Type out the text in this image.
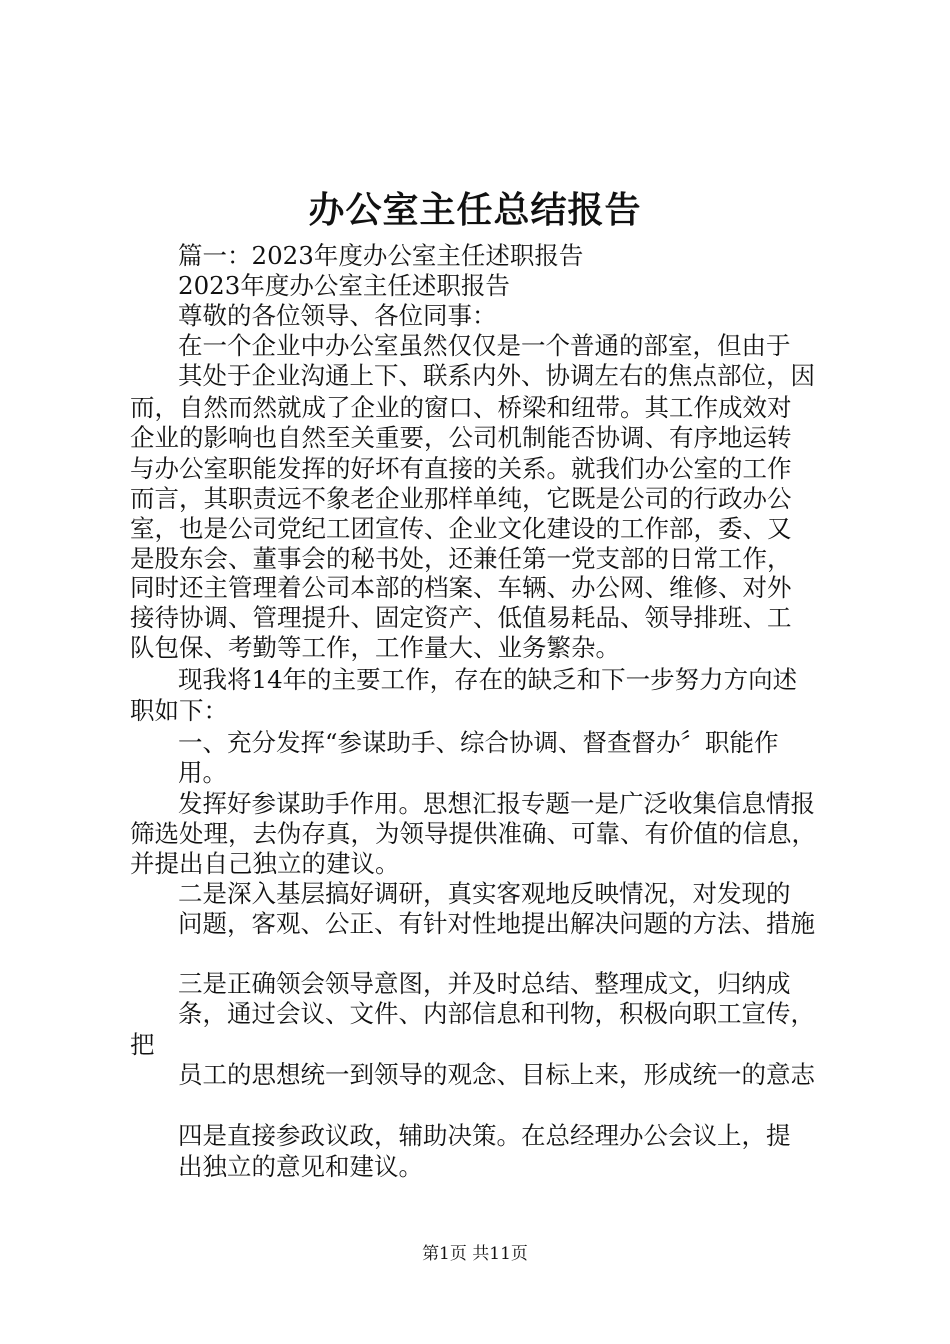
办公室主任总结报告
篇一：2023年度办公室主任述职报告
2023年度办公室主任述职报告
尊敬的各位领导、各位同事：
在一个企业中办公室虽然仅仅是一个普通的部室，但由于
其处于企业沟通上下、联系内外、协调左右的焦点部位，因
而，自然而然就成了企业的窗口、桥梁和纽带。其工作成效对
企业的影响也自然至关重要，公司机制能否协调、有序地运转
与办公室职能发挥的好坏有直接的关系。就我们办公室的工作
而言，其职责远不象老企业那样单纯，它既是公司的行政办公
室，也是公司党纪工团宣传、企业文化建设的工作部，委、又
是股东会、董事会的秘书处，还兼任第一党支部的日常工作，
同时还主管理着公司本部的档案、车辆、办公网、维修、对外
接待协调、管理提升、固定资产、低值易耗品、领导排班、工
队包保、考勤等工作，工作量大、业务繁杂。
现我将14年的主要工作，存在的缺乏和下一步努力方向述
职如下：
一、充分发挥“参谋助手、综合协调、督查督办〞职能作
用。
发挥好参谋助手作用。思想汇报专题一是广泛收集信息情报
筛选处理，去伪存真，为领导提供准确、可靠、有价值的信息，
并提出自己独立的建议。
二是深入基层搞好调研，真实客观地反映情况，对发现的
问题，客观、公正、有针对性地提出解决问题的方法、措施
三是正确领会领导意图，并及时总结、整理成文，归纳成
条，通过会议、文件、内部信息和刊物，积极向职工宣传，
把
员工的思想统一到领导的观念、目标上来，形成统一的意志
四是直接参政议政，辅助决策。在总经理办公会议上，提
出独立的意见和建议。
第1页 共11页
